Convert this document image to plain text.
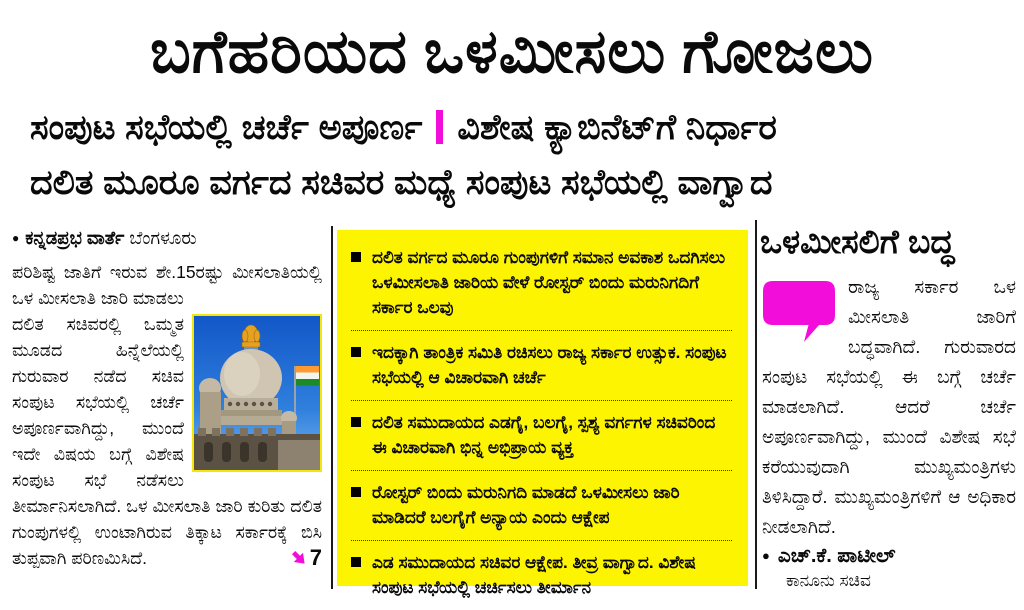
ಬಗೆಹರಿಯದ ಒಳಮೀಸಲು ಗೋಜಲು
ಸಂಪುಟ ಸಭೆಯಲ್ಲಿ ಚರ್ಚೆ ಅಪೂರ್ಣ ವಿಶೇಷ ಕ್ಯಾಬಿನೆಟ್‌ಗೆ ನಿರ್ಧಾರ
ದಲಿತ ಮೂರೂ ವರ್ಗದ ಸಚಿವರ ಮಧ್ಯೆ ಸಂಪುಟ ಸಭೆಯಲ್ಲಿ ವಾಗ್ವಾದ
● ಕನ್ನಡಪ್ರಭ ವಾರ್ತೆ ಬೆಂಗಳೂರು

ಪರಿಶಿಷ್ಟ ಜಾತಿಗೆ ಇರುವ ಶೇ.15ರಷ್ಟು ಮೀಸಲಾತಿಯಲ್ಲಿ ಒಳ ಮೀಸಲಾತಿ ಜಾರಿ ಮಾಡಲು

ದಲಿತ ಸಚಿವರಲ್ಲಿ ಒಮ್ಮತ ಮೂಡದ ಹಿನ್ನೆಲೆಯಲ್ಲಿ ಗುರುವಾರ ನಡೆದ ಸಚಿವ ಸಂಪುಟ ಸಭೆಯಲ್ಲಿ ಚರ್ಚೆ ಅಪೂರ್ಣವಾಗಿದ್ದು, ಮುಂದೆ ಇದೇ ವಿಷಯ ಬಗ್ಗೆ ವಿಶೇಷ ಸಂಪುಟ ಸಭೆ ನಡೆಸಲು ತೀರ್ಮಾನಿಸಲಾಗಿದೆ. ಒಳ ಮೀಸಲಾತಿ ಜಾರಿ ಕುರಿತು ದಲಿತ ಗುಂಪುಗಳಲ್ಲಿ ಉಂಟಾಗಿರುವ ತಿಕ್ಕಾಟ ಸರ್ಕಾರಕ್ಕೆ ಬಿಸಿ ತುಪ್ಪವಾಗಿ ಪರಿಣಮಿಸಿದೆ.	7

ದಲಿತ ವರ್ಗದ ಮೂರೂ ಗುಂಪುಗಳಿಗೆ ಸಮಾನ ಅವಕಾಶ ಒದಗಿಸಲು ಒಳಮೀಸಲಾತಿ ಜಾರಿಯ ವೇಳೆ ರೋಸ್ಟರ್ ಬಿಂದು ಮರುನಿಗದಿಗೆ ಸರ್ಕಾರ ಒಲವು
ಇದಕ್ಕಾಗಿ ತಾಂತ್ರಿಕ ಸಮಿತಿ ರಚಿಸಲು ರಾಜ್ಯ ಸರ್ಕಾರ ಉತ್ಸುಕ. ಸಂಪುಟ ಸಭೆಯಲ್ಲಿ ಆ ವಿಚಾರವಾಗಿ ಚರ್ಚೆ
ದಲಿತ ಸಮುದಾಯದ ಎಡಗೈ, ಬಲಗೈ, ಸ್ಪಶ್ಯ ವರ್ಗಗಳ ಸಚಿವರಿಂದ ಈ ವಿಚಾರವಾಗಿ ಭಿನ್ನ ಅಭಿಪ್ರಾಯ ವ್ಯಕ್ತ
ರೋಸ್ಟರ್ ಬಿಂದು ಮರುನಿಗದಿ ಮಾಡದೆ ಒಳಮೀಸಲು ಜಾರಿ ಮಾಡಿದರೆ ಬಲಗೈಗೆ ಅನ್ಯಾಯ ಎಂದು ಆಕ್ಷೇಪ
ಎಡ ಸಮುದಾಯದ ಸಚಿವರ ಆಕ್ಷೇಪ. ತೀವ್ರ ವಾಗ್ವಾದ. ವಿಶೇಷ ಸಂಪುಟ ಸಭೆಯಲ್ಲಿ ಚರ್ಚಿಸಲು ತೀರ್ಮಾನ
ಒಳಮೀಸಲಿಗೆ ಬದ್ಧ
ರಾಜ್ಯ ಸರ್ಕಾರ ಒಳ ಮೀಸಲಾತಿ ಜಾರಿಗೆ ಬದ್ಧವಾಗಿದೆ. ಗುರುವಾರದ ಸಂಪುಟ ಸಭೆಯಲ್ಲಿ ಈ ಬಗ್ಗೆ ಚರ್ಚೆ ಮಾಡಲಾಗಿದೆ. ಆದರೆ ಚರ್ಚೆ ಅಪೂರ್ಣವಾಗಿದ್ದು, ಮುಂದೆ ವಿಶೇಷ ಸಭೆ ಕರೆಯುವುದಾಗಿ ಮುಖ್ಯಮಂತ್ರಿಗಳು ತಿಳಿಸಿದ್ದಾರೆ. ಮುಖ್ಯಮಂತ್ರಿಗಳಿಗೆ ಆ ಅಧಿಕಾರ ನೀಡಲಾಗಿದೆ.
● ಎಚ್.ಕೆ. ಪಾಟೀಲ್
ಕಾನೂನು ಸಚಿವ
